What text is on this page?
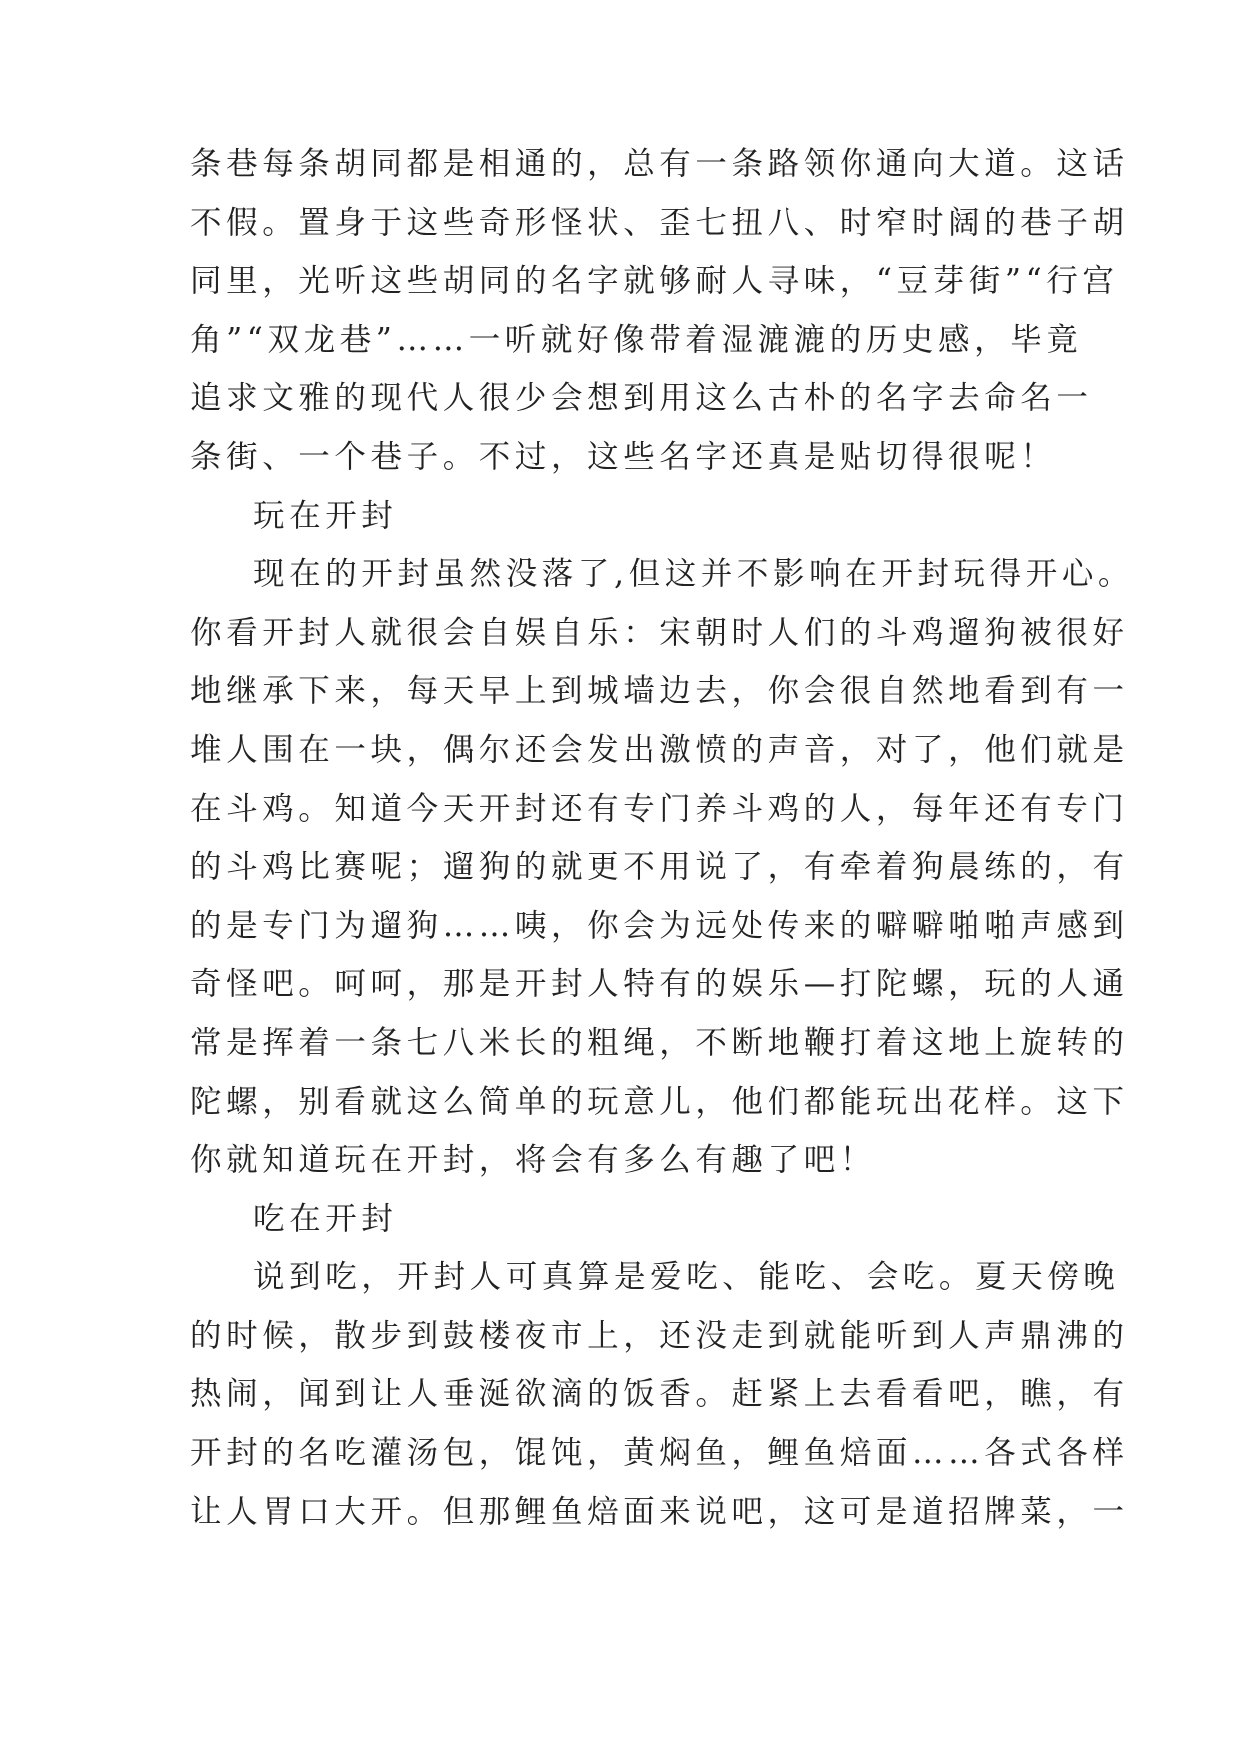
条巷每条胡同都是相通的，总有一条路领你通向大道。这话
不假。置身于这些奇形怪状、歪七扭八、时窄时阔的巷子胡
同里，光听这些胡同的名字就够耐人寻味，“豆芽街”“行宫
角”“双龙巷”……一听就好像带着湿漉漉的历史感，毕竟
追求文雅的现代人很少会想到用这么古朴的名字去命名一
条街、一个巷子。不过，这些名字还真是贴切得很呢！
玩在开封
现在的开封虽然没落了,但这并不影响在开封玩得开心。
你看开封人就很会自娱自乐：宋朝时人们的斗鸡遛狗被很好
地继承下来，每天早上到城墙边去，你会很自然地看到有一
堆人围在一块，偶尔还会发出激愤的声音，对了，他们就是
在斗鸡。知道今天开封还有专门养斗鸡的人，每年还有专门
的斗鸡比赛呢；遛狗的就更不用说了，有牵着狗晨练的，有
的是专门为遛狗……咦，你会为远处传来的噼噼啪啪声感到
奇怪吧。呵呵，那是开封人特有的娱乐—打陀螺，玩的人通
常是挥着一条七八米长的粗绳，不断地鞭打着这地上旋转的
陀螺，别看就这么简单的玩意儿，他们都能玩出花样。这下
你就知道玩在开封，将会有多么有趣了吧！
吃在开封
说到吃，开封人可真算是爱吃、能吃、会吃。夏天傍晚
的时候，散步到鼓楼夜市上，还没走到就能听到人声鼎沸的
热闹，闻到让人垂涎欲滴的饭香。赶紧上去看看吧，瞧，有
开封的名吃灌汤包，馄饨，黄焖鱼，鲤鱼焙面……各式各样
让人胃口大开。但那鲤鱼焙面来说吧，这可是道招牌菜，一
